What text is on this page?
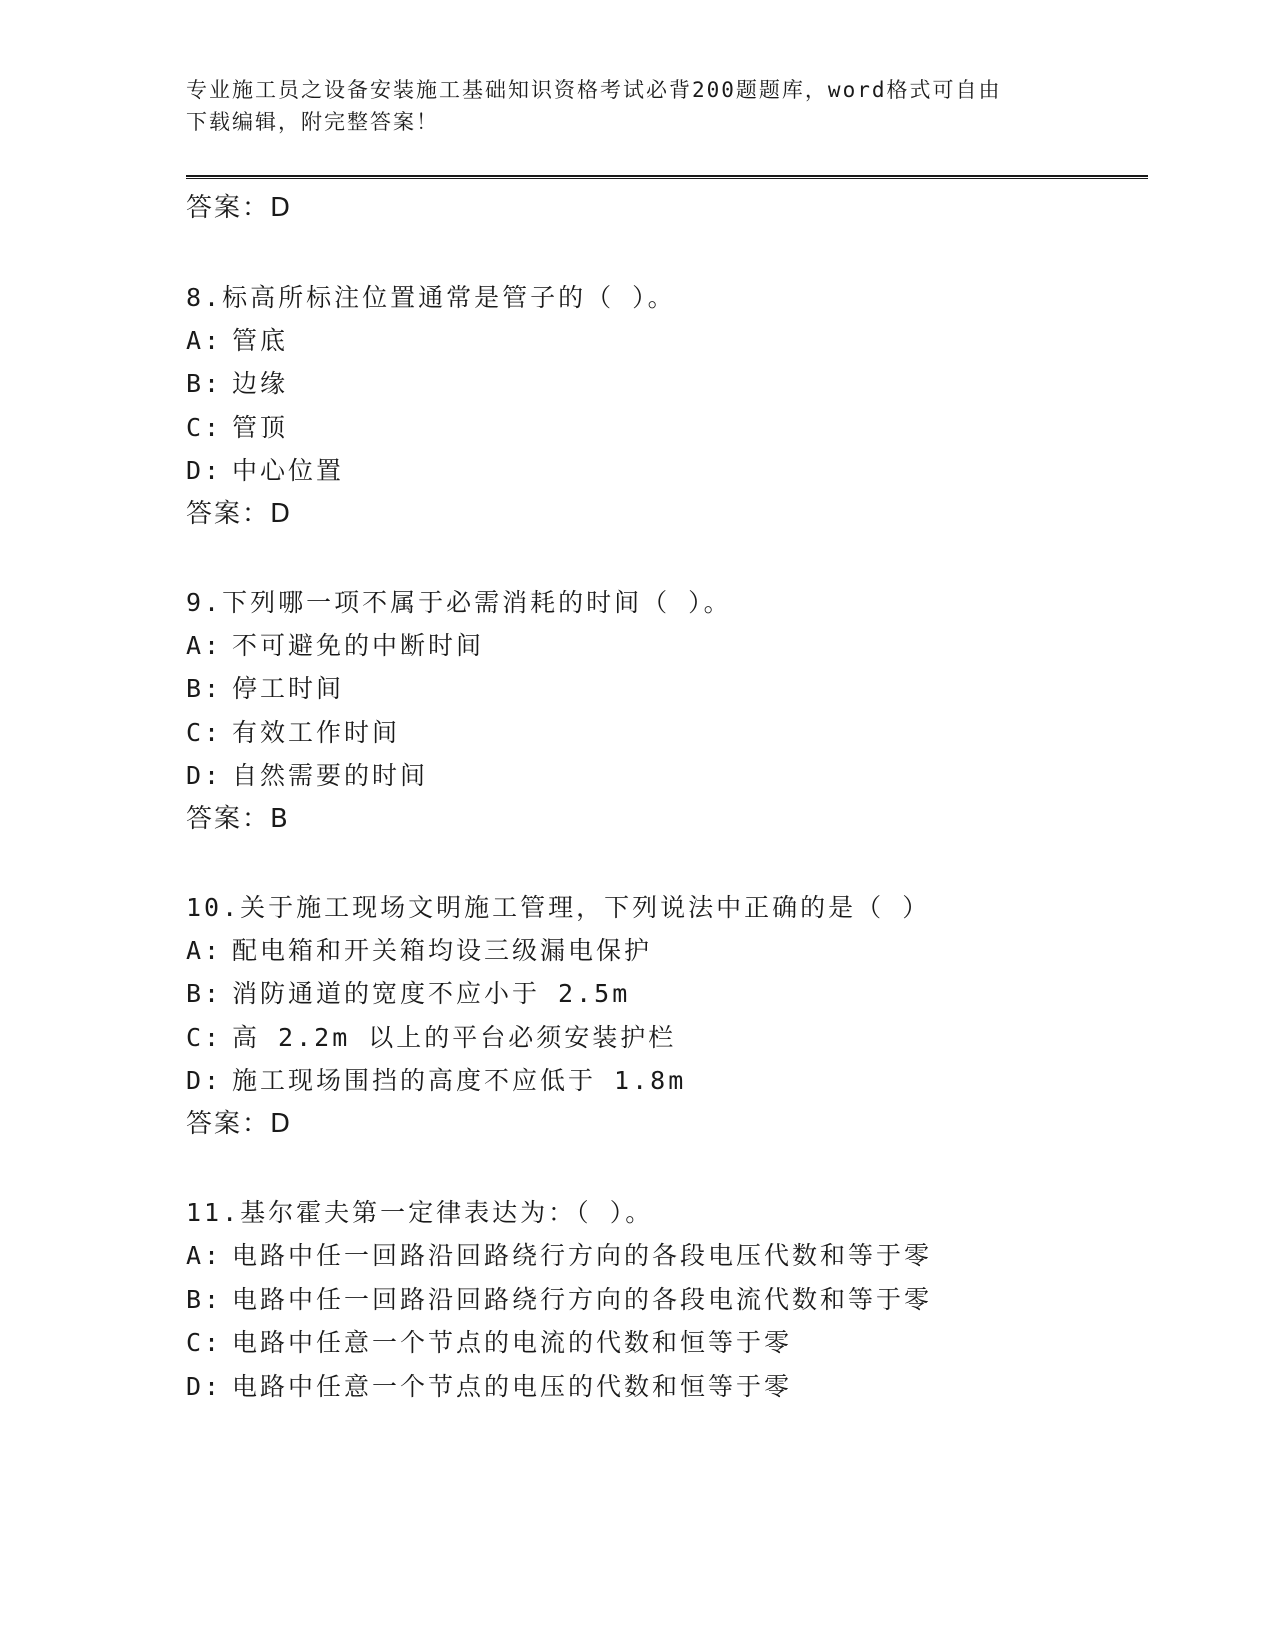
专业施工员之设备安装施工基础知识资格考试必背200题题库，word格式可自由
下载编辑，附完整答案！
答案：D
8.标高所标注位置通常是管子的（ ）。
A: 管底
B: 边缘
C: 管顶
D: 中心位置
答案：D
9.下列哪一项不属于必需消耗的时间（ ）。
A: 不可避免的中断时间
B: 停工时间
C: 有效工作时间
D: 自然需要的时间
答案：B
10.关于施工现场文明施工管理，下列说法中正确的是（ ）
A: 配电箱和开关箱均设三级漏电保护
B: 消防通道的宽度不应小于 2.5m
C: 高 2.2m 以上的平台必须安装护栏
D: 施工现场围挡的高度不应低于 1.8m
答案：D
11.基尔霍夫第一定律表达为：（ ）。
A: 电路中任一回路沿回路绕行方向的各段电压代数和等于零
B: 电路中任一回路沿回路绕行方向的各段电流代数和等于零
C: 电路中任意一个节点的电流的代数和恒等于零
D: 电路中任意一个节点的电压的代数和恒等于零
